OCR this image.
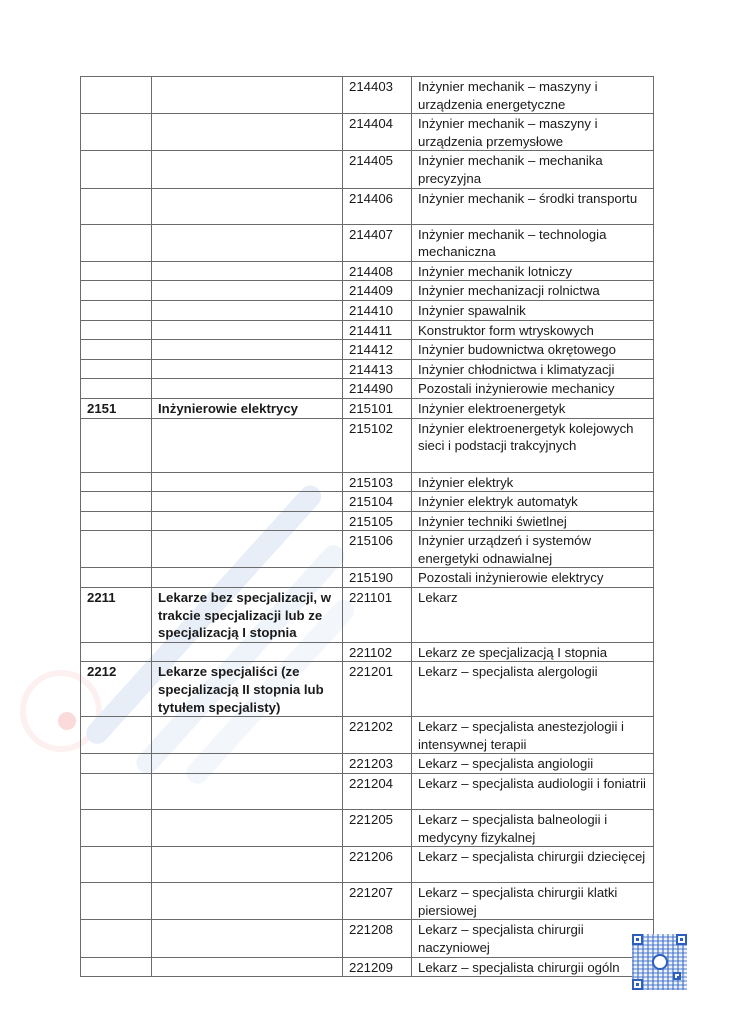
		214403	Inżynier mechanik – maszyny i urządzenia energetyczne
		214404	Inżynier mechanik – maszyny i urządzenia przemysłowe
		214405	Inżynier mechanik – mechanika precyzyjna
		214406	Inżynier mechanik – środki transportu
		214407	Inżynier mechanik – technologia mechaniczna
		214408	Inżynier mechanik lotniczy
		214409	Inżynier mechanizacji rolnictwa
		214410	Inżynier spawalnik
		214411	Konstruktor form wtryskowych
		214412	Inżynier budownictwa okrętowego
		214413	Inżynier chłodnictwa i klimatyzacji
		214490	Pozostali inżynierowie mechanicy
2151	Inżynierowie elektrycy	215101	Inżynier elektroenergetyk
		215102	Inżynier elektroenergetyk kolejowych sieci i podstacji trakcyjnych
		215103	Inżynier elektryk
		215104	Inżynier elektryk automatyk
		215105	Inżynier techniki świetlnej
		215106	Inżynier urządzeń i systemów energetyki odnawialnej
		215190	Pozostali inżynierowie elektrycy
2211	Lekarze bez specjalizacji, w trakcie specjalizacji lub ze specjalizacją I stopnia	221101	Lekarz
		221102	Lekarz ze specjalizacją I stopnia
2212	Lekarze specjaliści (ze specjalizacją II stopnia lub tytułem specjalisty)	221201	Lekarz – specjalista alergologii
		221202	Lekarz – specjalista anestezjologii i intensywnej terapii
		221203	Lekarz – specjalista angiologii
		221204	Lekarz – specjalista audiologii i foniatrii
		221205	Lekarz – specjalista balneologii i medycyny fizykalnej
		221206	Lekarz – specjalista chirurgii dziecięcej
		221207	Lekarz – specjalista chirurgii klatki piersiowej
		221208	Lekarz – specjalista chirurgii naczyniowej
		221209	Lekarz – specjalista chirurgii ogóln
